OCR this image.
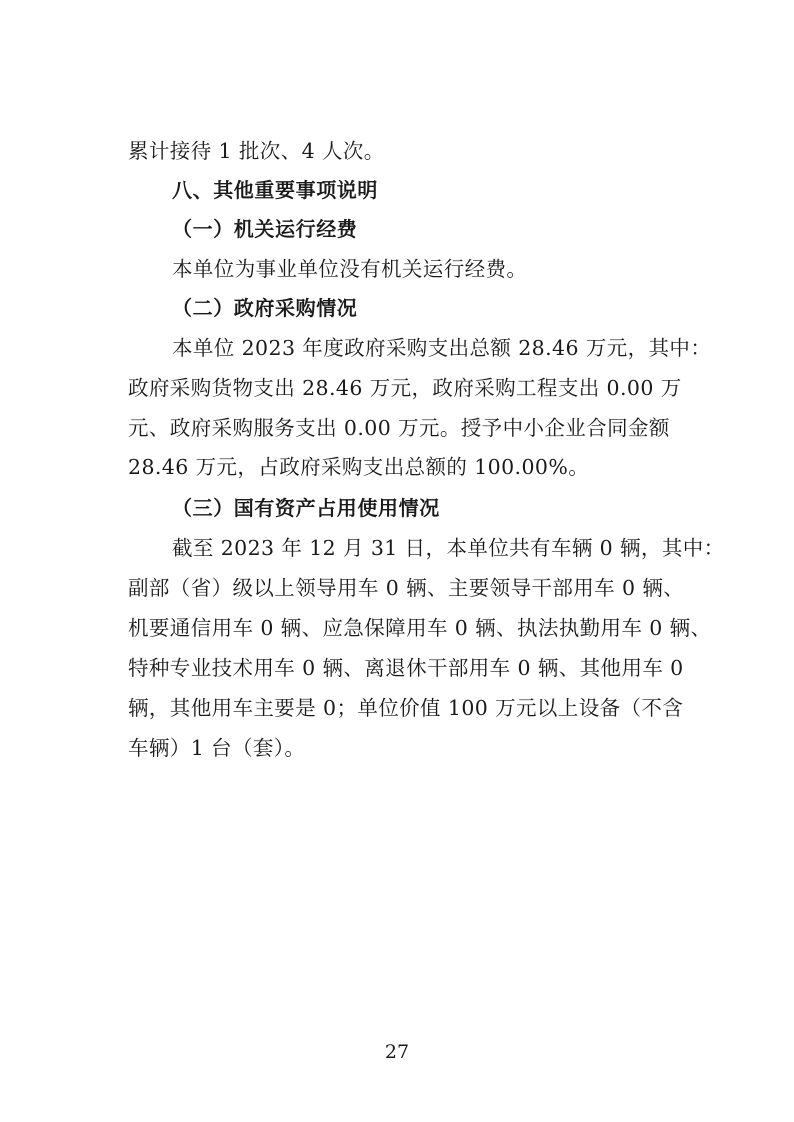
累计接待 1 批次、4 人次。
八、其他重要事项说明
（一）机关运行经费
本单位为事业单位没有机关运行经费。
（二）政府采购情况
本单位 2023 年度政府采购支出总额 28.46 万元，其中：
政府采购货物支出 28.46 万元，政府采购工程支出 0.00 万
元、政府采购服务支出 0.00 万元。授予中小企业合同金额
28.46 万元，占政府采购支出总额的 100.00%。
（三）国有资产占用使用情况
截至 2023 年 12 月 31 日，本单位共有车辆 0 辆，其中：
副部（省）级以上领导用车 0 辆、主要领导干部用车 0 辆、
机要通信用车 0 辆、应急保障用车 0 辆、执法执勤用车 0 辆、
特种专业技术用车 0 辆、离退休干部用车 0 辆、其他用车 0
辆，其他用车主要是 0；单位价值 100 万元以上设备（不含
车辆）1 台（套）。
27
